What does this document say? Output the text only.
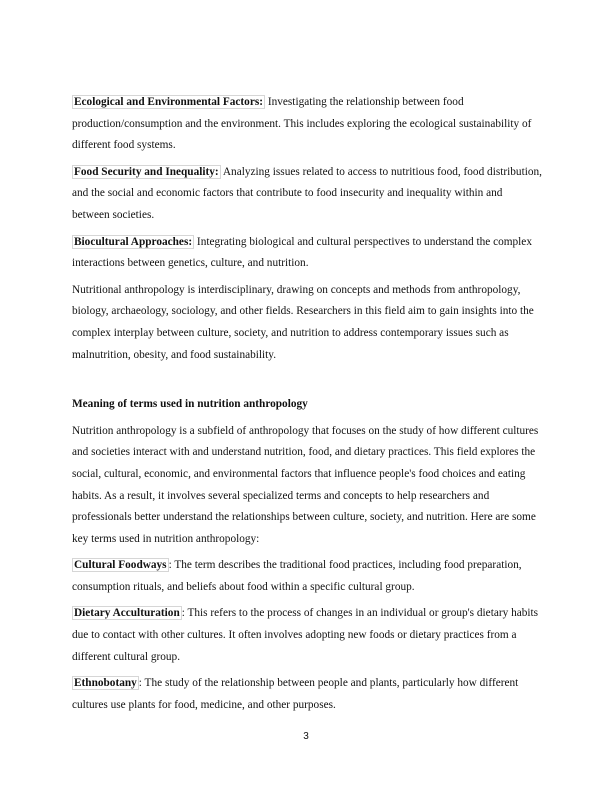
Ecological and Environmental Factors: Investigating the relationship between food production/consumption and the environment. This includes exploring the ecological sustainability of different food systems.
Food Security and Inequality: Analyzing issues related to access to nutritious food, food distribution, and the social and economic factors that contribute to food insecurity and inequality within and between societies.
Biocultural Approaches: Integrating biological and cultural perspectives to understand the complex interactions between genetics, culture, and nutrition.
Nutritional anthropology is interdisciplinary, drawing on concepts and methods from anthropology, biology, archaeology, sociology, and other fields. Researchers in this field aim to gain insights into the complex interplay between culture, society, and nutrition to address contemporary issues such as malnutrition, obesity, and food sustainability.
Meaning of terms used in nutrition anthropology
Nutrition anthropology is a subfield of anthropology that focuses on the study of how different cultures and societies interact with and understand nutrition, food, and dietary practices. This field explores the social, cultural, economic, and environmental factors that influence people's food choices and eating habits. As a result, it involves several specialized terms and concepts to help researchers and professionals better understand the relationships between culture, society, and nutrition. Here are some key terms used in nutrition anthropology:
Cultural Foodways : The term describes the traditional food practices, including food preparation, consumption rituals, and beliefs about food within a specific cultural group.
Dietary Acculturation : This refers to the process of changes in an individual or group's dietary habits due to contact with other cultures. It often involves adopting new foods or dietary practices from a different cultural group.
Ethnobotany : The study of the relationship between people and plants, particularly how different cultures use plants for food, medicine, and other purposes.
3
